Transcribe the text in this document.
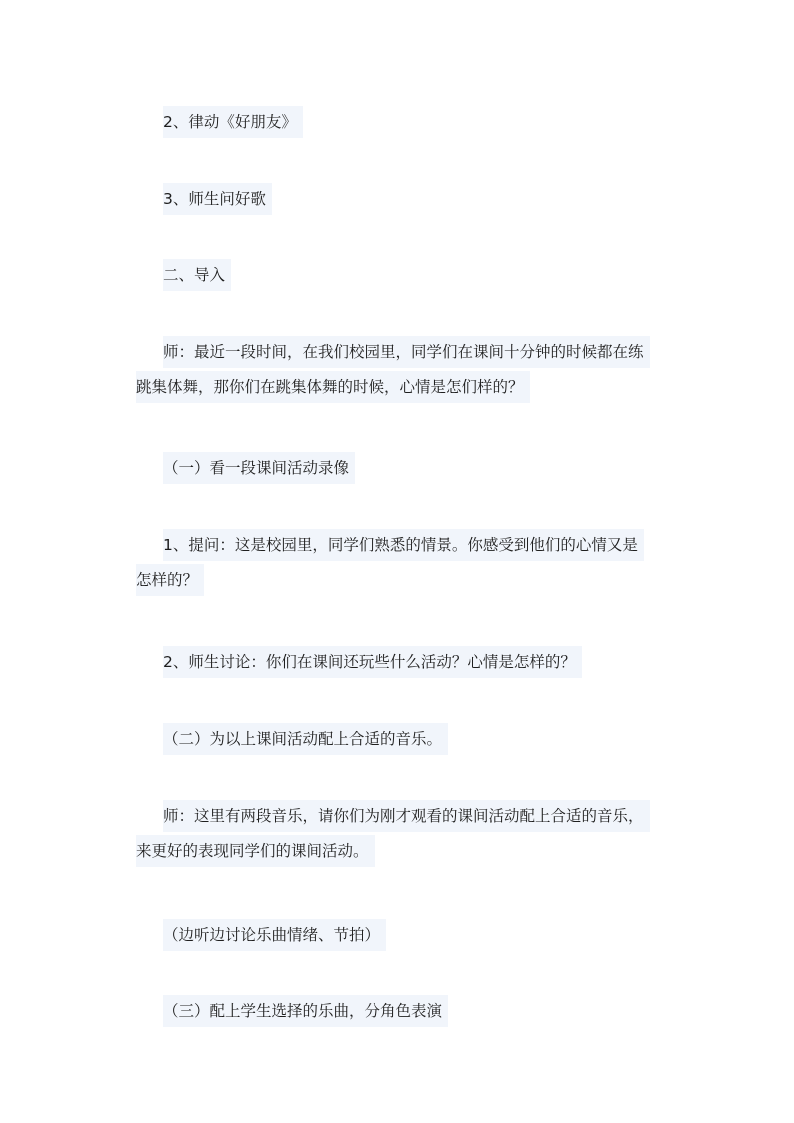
2、律动《好朋友》
3、师生问好歌
二、导入
师：最近一段时间，在我们校园里，同学们在课间十分钟的时候都在练
跳集体舞，那你们在跳集体舞的时候，心情是怎们样的？
（一）看一段课间活动录像
1、提问：这是校园里，同学们熟悉的情景。你感受到他们的心情又是
怎样的？
2、师生讨论：你们在课间还玩些什么活动？心情是怎样的？
（二）为以上课间活动配上合适的音乐。
师：这里有两段音乐，请你们为刚才观看的课间活动配上合适的音乐，
来更好的表现同学们的课间活动。
（边听边讨论乐曲情绪、节拍）
（三）配上学生选择的乐曲，分角色表演
